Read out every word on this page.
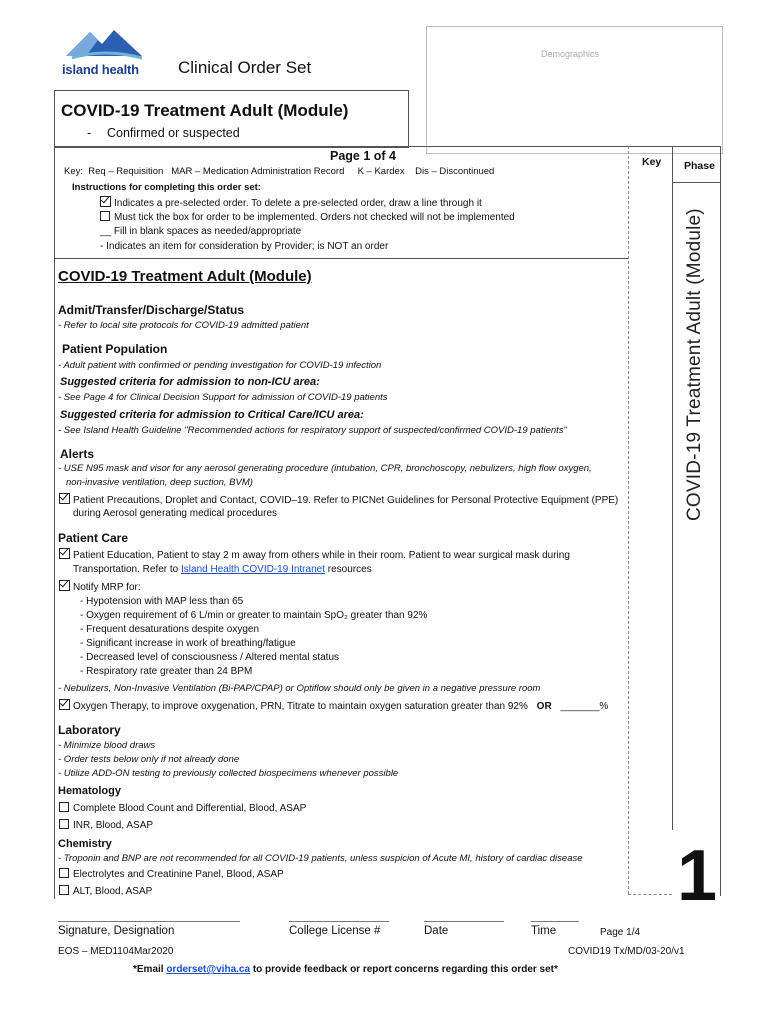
island health Clinical Order Set
Demographics
COVID-19 Treatment Adult (Module)
- Confirmed or suspected
Page 1 of 4
Key:  Req – Requisition   MAR – Medication Administration Record     K – Kardex    Dis – Discontinued
Key Phase
Instructions for completing this order set:
Indicates a pre-selected order. To delete a pre-selected order, draw a line through it
Must tick the box for order to be implemented. Orders not checked will not be implemented
__ Fill in blank spaces as needed/appropriate
- Indicates an item for consideration by Provider; is NOT an order
COVID-19 Treatment Adult (Module)
Admit/Transfer/Discharge/Status
- Refer to local site protocols for COVID-19 admitted patient
Patient Population
- Adult patient with confirmed or pending investigation for COVID-19 infection
Suggested criteria for admission to non-ICU area:
- See Page 4 for Clinical Decision Support for admission of COVID-19 patients
Suggested criteria for admission to Critical Care/ICU area:
- See Island Health Guideline "Recommended actions for respiratory support of suspected/confirmed COVID-19 patients"
Alerts
- USE N95 mask and visor for any aerosol generating procedure (intubation, CPR, bronchoscopy, nebulizers, high flow oxygen,
non-invasive ventilation, deep suction, BVM)
Patient Precautions, Droplet and Contact, COVID–19. Refer to PICNet Guidelines for Personal Protective Equipment (PPE)
during Aerosol generating medical procedures
Patient Care
Patient Education, Patient to stay 2 m away from others while in their room. Patient to wear surgical mask during
Transportation. Refer to Island Health COVID-19 Intranet resources
Notify MRP for:
- Hypotension with MAP less than 65
- Oxygen requirement of 6 L/min or greater to maintain SpO₂ greater than 92%
- Frequent desaturations despite oxygen
- Significant increase in work of breathing/fatigue
- Decreased level of consciousness / Altered mental status
- Respiratory rate greater than 24 BPM
- Nebulizers, Non-Invasive Ventilation (Bi-PAP/CPAP) or Optiflow should only be given in a negative pressure room
Oxygen Therapy, to improve oxygenation, PRN, Titrate to maintain oxygen saturation greater than 92% OR _______%
Laboratory
- Minimize blood draws
- Order tests below only if not already done
- Utilize ADD-ON testing to previously collected biospecimens whenever possible
Hematology
Complete Blood Count and Differential, Blood, ASAP
INR, Blood, ASAP
Chemistry
- Troponin and BNP are not recommended for all COVID-19 patients, unless suspicion of Acute MI, history of cardiac disease
Electrolytes and Creatinine Panel, Blood, ASAP
ALT, Blood, ASAP
COVID-19 Treatment Adult (Module)
1
Signature, Designation	College License #	Date	Time	Page 1/4
EOS – MED1104Mar2020	COVID19 Tx/MD/03-20/v1
*Email orderset@viha.ca to provide feedback or report concerns regarding this order set*
